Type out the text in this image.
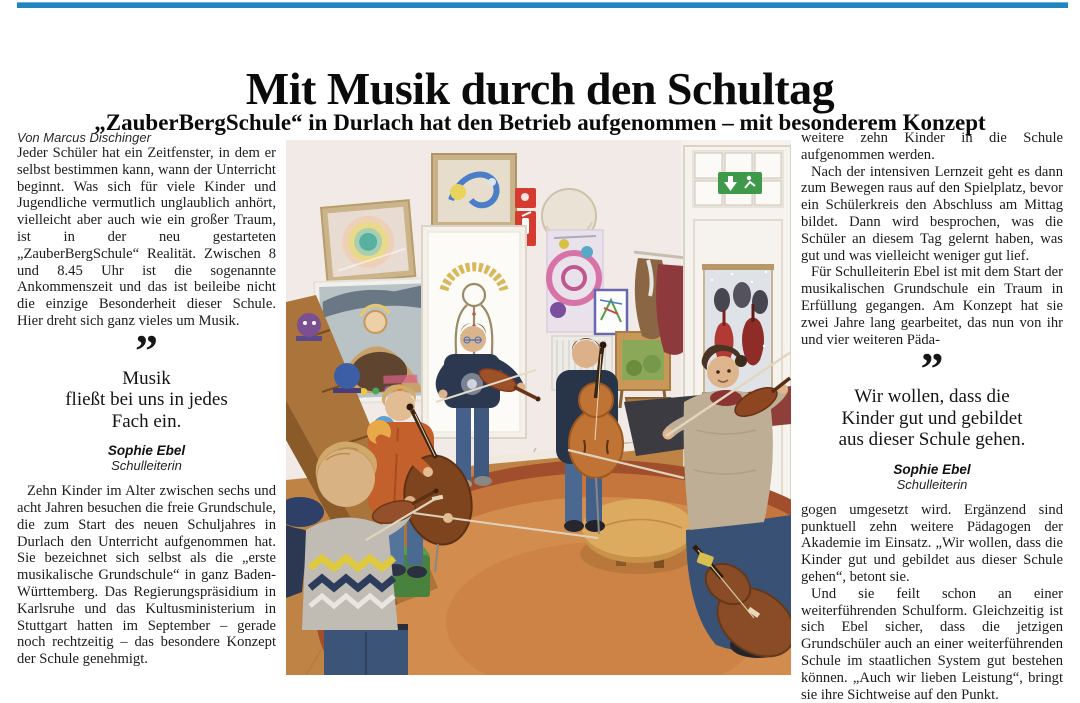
Mit Musik durch den Schultag
„ZauberBergSchule“ in Durlach hat den Betrieb aufgenommen – mit besonderem Konzept

Von Marcus Dischinger

Jeder Schüler hat ein Zeitfenster, in dem er selbst bestimmen kann, wann der Unterricht beginnt. Was sich für viele Kinder und Jugendliche vermutlich unglaublich anhört, vielleicht aber auch wie ein großer Traum, ist in der neu gestarteten „ZauberBergSchule“ Realität. Zwischen 8 und 8.45 Uhr ist die sogenannte Ankommenszeit und das ist beileibe nicht die einzige Besonderheit dieser Schule. Hier dreht sich ganz vieles um Musik.

”
Musik
fließt bei uns in jedes
Fach ein.
Sophie Ebel
Schulleiterin

Zehn Kinder im Alter zwischen sechs und acht Jahren besuchen die freie Grundschule, die zum Start des neuen Schuljahres in Durlach den Unterricht aufgenommen hat. Sie bezeichnet sich selbst als die „erste musikalische Grundschule“ in ganz Baden-Württemberg. Das Regierungspräsidium in Karlsruhe und das Kultusministerium in Stuttgart hatten im September – gerade noch rechtzeitig – das besondere Konzept der Schule genehmigt.

weitere zehn Kinder in die Schule aufgenommen werden.

Nach der intensiven Lernzeit geht es dann zum Bewegen raus auf den Spielplatz, bevor ein Schülerkreis den Abschluss am Mittag bildet. Dann wird besprochen, was die Schüler an diesem Tag gelernt haben, was gut und was vielleicht weniger gut lief.

Für Schulleiterin Ebel ist mit dem Start der musikalischen Grundschule ein Traum in Erfüllung gegangen. Am Konzept hat sie zwei Jahre lang gearbeitet, das nun von ihr und vier weiteren Päda-

”
Wir wollen, dass die
Kinder gut und gebildet
aus dieser Schule gehen.
Sophie Ebel
Schulleiterin

gogen umgesetzt wird. Ergänzend sind punktuell zehn weitere Pädagogen der Akademie im Einsatz. „Wir wollen, dass die Kinder gut und gebildet aus dieser Schule gehen“, betont sie.

Und sie feilt schon an einer weiterführenden Schulform. Gleichzeitig ist sich Ebel sicher, dass die jetzigen Grundschüler auch an einer weiterführenden Schule im staatlichen System gut bestehen können. „Auch wir lieben Leistung“, bringt sie ihre Sichtweise auf den Punkt.
